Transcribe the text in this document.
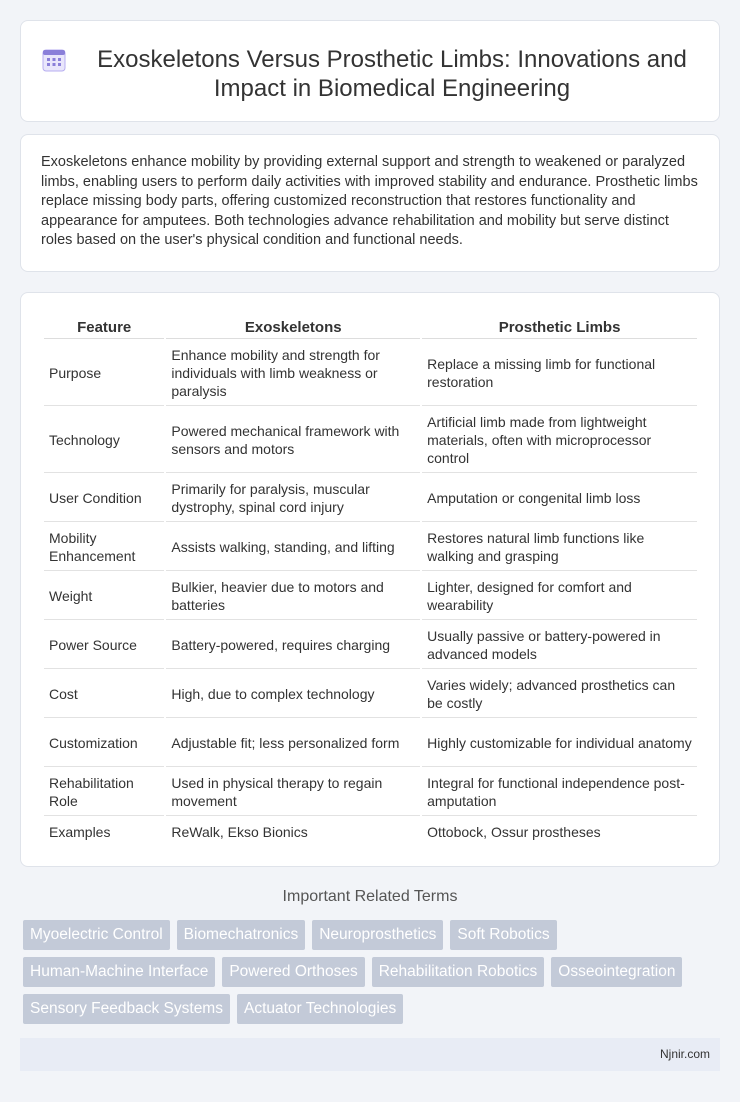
Exoskeletons Versus Prosthetic Limbs: Innovations and Impact in Biomedical Engineering

Exoskeletons enhance mobility by providing external support and strength to weakened or paralyzed limbs, enabling users to perform daily activities with improved stability and endurance. Prosthetic limbs replace missing body parts, offering customized reconstruction that restores functionality and appearance for amputees. Both technologies advance rehabilitation and mobility but serve distinct roles based on the user's physical condition and functional needs.

Feature	Exoskeletons	Prosthetic Limbs
Purpose	Enhance mobility and strength for individuals with limb weakness or paralysis	Replace a missing limb for functional restoration
Technology	Powered mechanical framework with sensors and motors	Artificial limb made from lightweight materials, often with microprocessor control
User Condition	Primarily for paralysis, muscular dystrophy, spinal cord injury	Amputation or congenital limb loss
Mobility Enhancement	Assists walking, standing, and lifting	Restores natural limb functions like walking and grasping
Weight	Bulkier, heavier due to motors and batteries	Lighter, designed for comfort and wearability
Power Source	Battery-powered, requires charging	Usually passive or battery-powered in advanced models
Cost	High, due to complex technology	Varies widely; advanced prosthetics can be costly
Customization	Adjustable fit; less personalized form	Highly customizable for individual anatomy
Rehabilitation Role	Used in physical therapy to regain movement	Integral for functional independence post-amputation
Examples	ReWalk, Ekso Bionics	Ottobock, Ossur prostheses
Important Related Terms
Myoelectric Control	Biomechatronics	Neuroprosthetics	Soft Robotics
Human-Machine Interface	Powered Orthoses	Rehabilitation Robotics	Osseointegration
Sensory Feedback Systems	Actuator Technologies
Njnir.com
